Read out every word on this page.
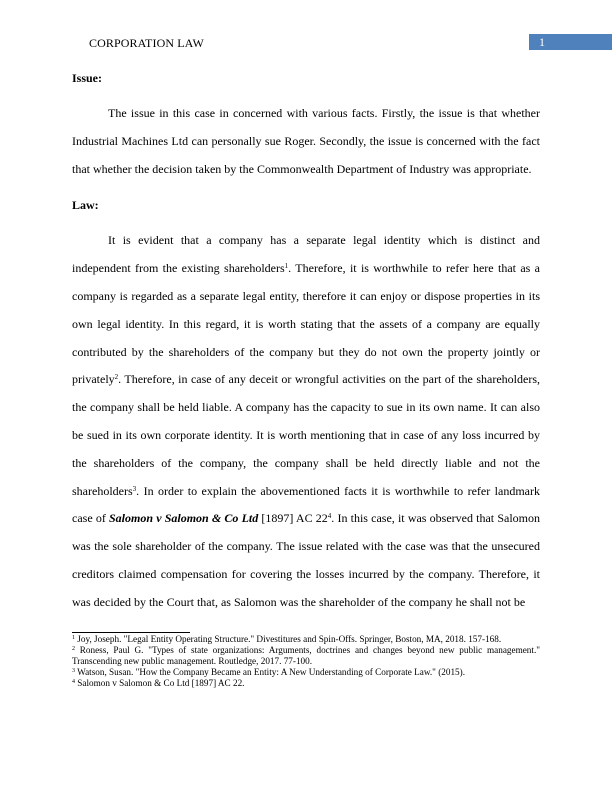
CORPORATION LAW	1

Issue:

The issue in this case in concerned with various facts. Firstly, the issue is that whether Industrial Machines Ltd can personally sue Roger. Secondly, the issue is concerned with the fact that whether the decision taken by the Commonwealth Department of Industry was appropriate.

Law:

It is evident that a company has a separate legal identity which is distinct and independent from the existing shareholders$^1$. Therefore, it is worthwhile to refer here that as a company is regarded as a separate legal entity, therefore it can enjoy or dispose properties in its own legal identity. In this regard, it is worth stating that the assets of a company are equally contributed by the shareholders of the company but they do not own the property jointly or privately$^2$. Therefore, in case of any deceit or wrongful activities on the part of the shareholders, the company shall be held liable. A company has the capacity to sue in its own name. It can also be sued in its own corporate identity. It is worth mentioning that in case of any loss incurred by the shareholders of the company, the company shall be held directly liable and not the shareholders$^3$. In order to explain the abovementioned facts it is worthwhile to refer landmark case of Salomon v Salomon & Co Ltd [1897] AC $22^4$. In this case, it was observed that Salomon was the sole shareholder of the company. The issue related with the case was that the unsecured creditors claimed compensation for covering the losses incurred by the company. Therefore, it was decided by the Court that, as Salomon was the shareholder of the company he shall not be

$^1$ Joy, Joseph. "Legal Entity Operating Structure." Divestitures and Spin-Offs. Springer, Boston, MA, 2018. 157-168.

$^2$ Roness, Paul G. "Types of state organizations: Arguments, doctrines and changes beyond new public management." Transcending new public management. Routledge, 2017. 77-100.

$^3$ Watson, Susan. "How the Company Became an Entity: A New Understanding of Corporate Law." (2015).

$^4$ Salomon v Salomon & Co Ltd [1897] AC 22.
